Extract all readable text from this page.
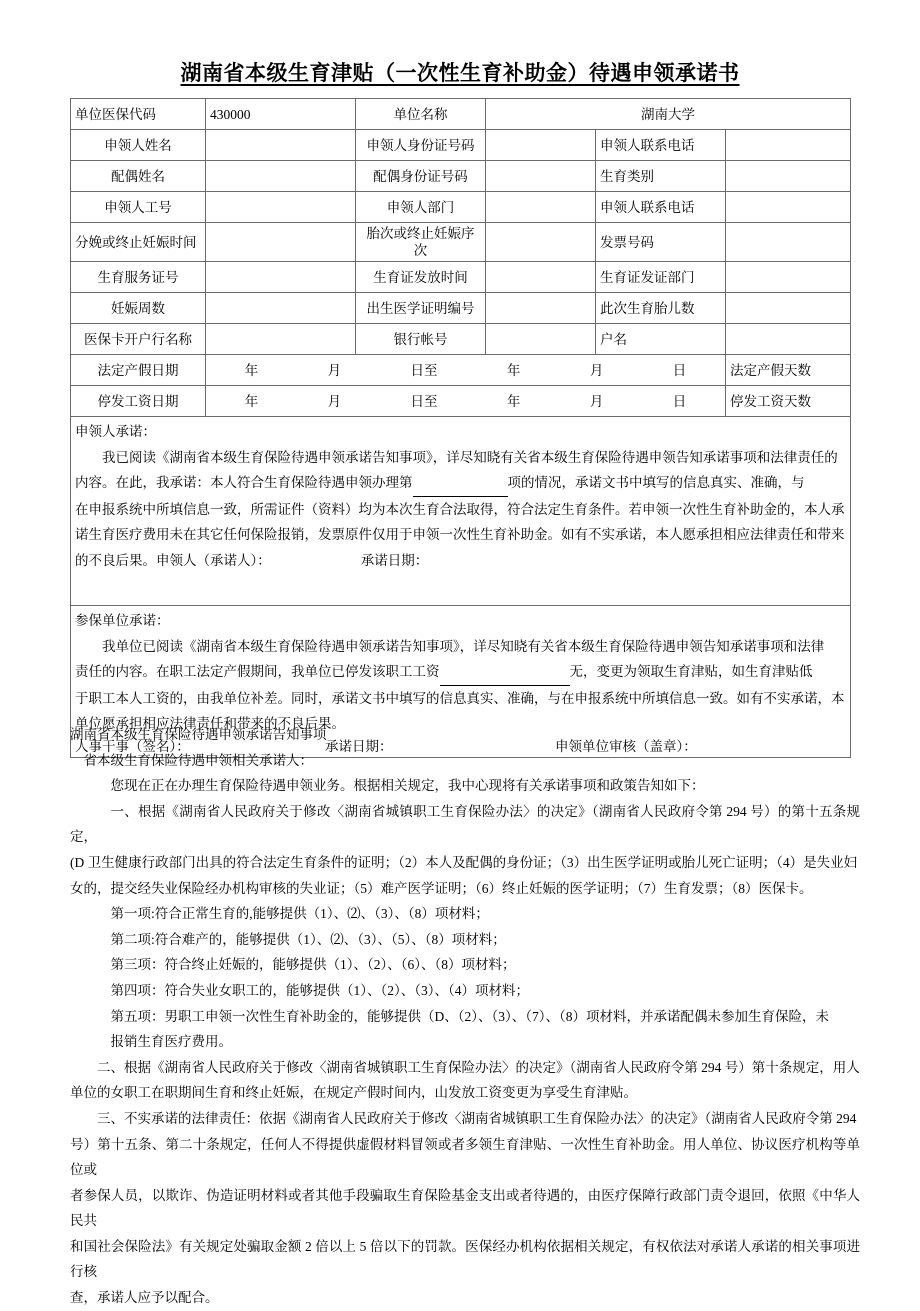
湖南省本级生育津贴（一次性生育补助金）待遇申领承诺书
单位医保代码	430000	单位名称	湖南大学		
申领人姓名		申领人身份证号码		申领人联系电话	
配偶姓名		配偶身份证号码		生育类别	
申领人工号		申领人部门		申领人联系电话	
分娩或终止妊娠时间		胎次或终止妊娠序次		发票号码	
生育服务证号		生育证发放时间		生育证发证部门	
妊娠周数		出生医学证明编号		此次生育胎儿数	
医保卡开户行名称		银行帐号		户名	
法定产假日期	年	月	日至	年	月	日	法定产假天数
停发工资日期	年	月	日至	年	月	日	停发工资天数

申领人承诺：

我已阅读《湖南省本级生育保险待遇申领承诺告知事项》，详尽知晓有关省本级生育保险待遇申领告知承诺事项和法律责任的

内容。在此，我承诺：本人符合生育保险待遇申领办理第	项的情况，承诺文书中填写的信息真实、准确，与

在申报系统中所填信息一致，所需证件（资料）均为本次生育合法取得，符合法定生育条件。若申领一次性生育补助金的，本人承

诺生育医疗费用未在其它任何保险报销，发票原件仅用于申领一次性生育补助金。如有不实承诺，本人愿承担相应法律责任和带来

的不良后果。申领人（承诺人）：	承诺日期：

参保单位承诺：

我单位已阅读《湖南省本级生育保险待遇申领承诺告知事项》，详尽知晓有关省本级生育保险待遇申领告知承诺事项和法律

责任的内容。在职工法定产假期间，我单位已停发该职工工资	无，变更为领取生育津贴，如生育津贴低

于职工本人工资的，由我单位补差。同时，承诺文书中填写的信息真实、准确，与在申报系统中所填信息一致。如有不实承诺，本

单位愿承担相应法律责任和带来的不良后果。

人事干事（签名）：	承诺日期：	申领单位审核（盖章）：

湖南省本级生育保险待遇申领承诺告知事项

省本级生育保险待遇申领相关承诺人：

您现在正在办理生育保险待遇申领业务。根据相关规定，我中心现将有关承诺事项和政策告知如下：

一、根据《湖南省人民政府关于修改〈湖南省城镇职工生育保险办法〉的决定》（湖南省人民政府令第 294 号）的第十五条规定，

(D 卫生健康行政部门出具的符合法定生育条件的证明；（2）本人及配偶的身份证；（3）出生医学证明或胎儿死亡证明；（4）是失业妇

女的，提交经失业保险经办机构审核的失业证；（5）难产医学证明；（6）终止妊娠的医学证明；（7）生育发票；（8）医保卡。

第一项:符合正常生育的,能够提供（1）、⑵、（3）、（8）项材料；

第二项:符合难产的，能够提供（1）、⑵、（3）、（5）、（8）项材料；

第三项：符合终止妊娠的，能够提供（1）、（2）、（6）、（8）项材料；

第四项：符合失业女职工的，能够提供（1）、（2）、（3）、（4）项材料；

第五项：男职工申领一次性生育补助金的，能够提供（D、（2）、（3）、（7）、（8）项材料，并承诺配偶未参加生育保险，未

报销生育医疗费用。

二、根据《湖南省人民政府关于修改〈湖南省城镇职工生育保险办法〉的决定》（湖南省人民政府令第 294 号）第十条规定，用人

单位的女职工在职期间生育和终止妊娠，在规定产假时间内，山发放工资变更为享受生育津贴。

三、不实承诺的法律责任：依据《湖南省人民政府关于修改〈湖南省城镇职工生育保险办法〉的决定》（湖南省人民政府令第 294

号）第十五条、第二十条规定，任何人不得提供虚假材料冒领或者多领生育津贴、一次性生育补助金。用人单位、协议医疗机构等单位或

者参保人员，以欺诈、伪造证明材料或者其他手段骗取生育保险基金支出或者待遇的，由医疗保障行政部门责令退回，依照《中华人民共

和国社会保险法》有关规定处骗取金额 2 倍以上 5 倍以下的罚款。医保经办机构依据相关规定，有权依法对承诺人承诺的相关事项进行核

查，承诺人应予以配合。
